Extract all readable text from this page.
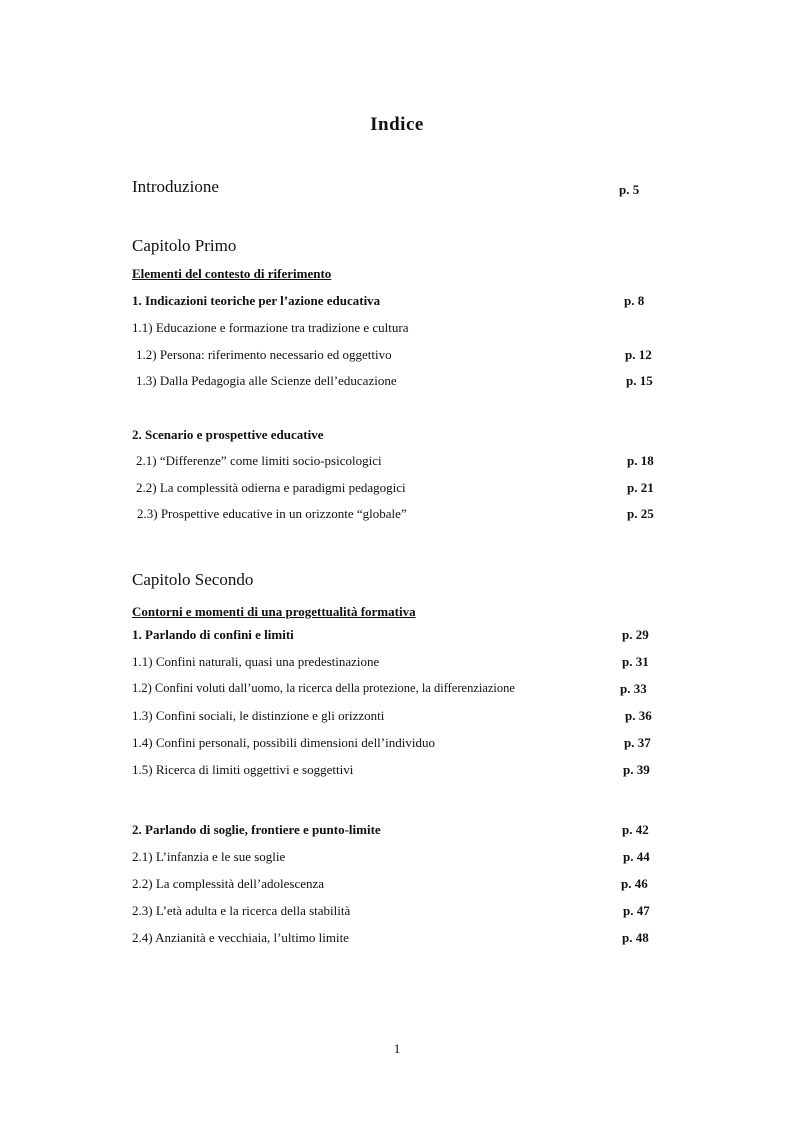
Indice
Introduzione	p. 5
Capitolo Primo
Elementi del contesto di riferimento
1. Indicazioni teoriche per l’azione educativa	p. 8
1.1) Educazione e formazione tra tradizione e cultura
1.2) Persona: riferimento necessario ed oggettivo	p. 12
1.3) Dalla Pedagogia alle Scienze dell’educazione	p. 15
2. Scenario e prospettive educative
2.1) “Differenze” come limiti socio-psicologici	p. 18
2.2) La complessità odierna e paradigmi pedagogici	p. 21
2.3) Prospettive educative in un orizzonte “globale”	p. 25
Capitolo Secondo
Contorni e momenti di una progettualità formativa
1. Parlando di confini e limiti	p. 29
1.1) Confini naturali, quasi una predestinazione	p. 31
1.2) Confini voluti dall’uomo, la ricerca della protezione, la differenziazione	p. 33
1.3) Confini sociali, le distinzione e gli orizzonti	p. 36
1.4) Confini personali, possibili dimensioni dell’individuo	p. 37
1.5) Ricerca di limiti oggettivi e soggettivi	p. 39
2. Parlando di soglie, frontiere e punto-limite	p. 42
2.1) L’infanzia e le sue soglie	p. 44
2.2) La complessità dell’adolescenza	p. 46
2.3) L’età adulta e la ricerca della stabilità	p. 47
2.4) Anzianità e vecchiaia, l’ultimo limite	p. 48
1
